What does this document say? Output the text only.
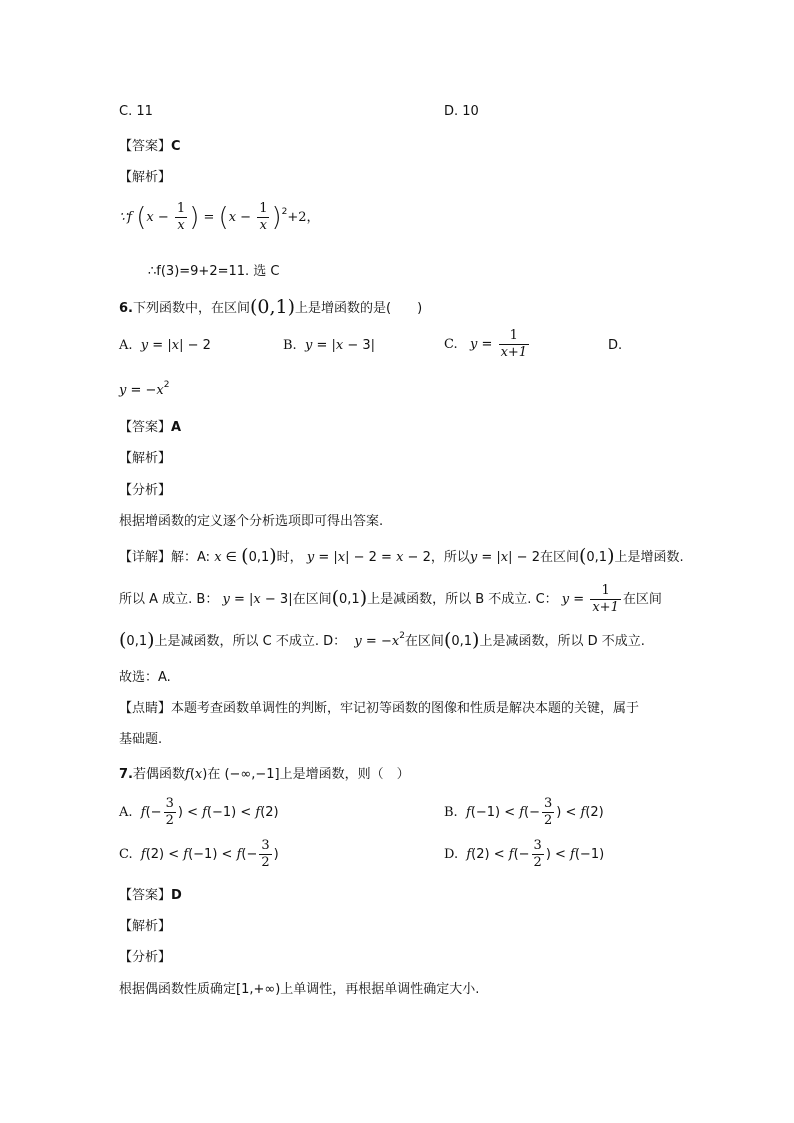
C. 11	D. 10
【答案】C
【解析】
∵f ($x - \frac{1}{x}$ ) = $(x - \frac{1}{x} )^2+2$，
∴f(3)=9+2=11. 选 C
6.下列函数中，在区间(0,1)上是增函数的是(　　)
A. y = |x| − 2	B. y = |x − 3|	C. $y = \frac{1}{x+1}$	D.
$y = -x^2$
【答案】A
【解析】
【分析】
根据增函数的定义逐个分析选项即可得出答案.
【详解】解：A: x ∈ (0,1)时， y = |x| − 2 = x − 2，所以y = |x| − 2在区间(0,1)上是增函数.
所以 A 成立. B： y = |x − 3|在区间(0,1)上是减函数，所以 B 不成立. C： $y = \frac{1}{x+1}$ 在区间
(0,1)上是减函数，所以 C 不成立. D： $y = -x^2$在区间(0,1)上是减函数，所以 D 不成立.
故选：A.
【点睛】本题考查函数单调性的判断，牢记初等函数的图像和性质是解决本题的关键，属于
基础题.
7.若偶函数f(x)在 (−∞,−1]上是增函数，则（　）
A. $f(- \frac{3}{2}$ ) < f(−1) < f(2)	B. $f(-1) < f(- \frac{3}{2}$ ) < f(2)
C. $f(2) < f(-1) < f(- \frac{3}{2}$ )	D. $f(2) < f(- \frac{3}{2}$ ) < f(−1)
【答案】D
【解析】
【分析】
根据偶函数性质确定[1,+∞)上单调性，再根据单调性确定大小.
